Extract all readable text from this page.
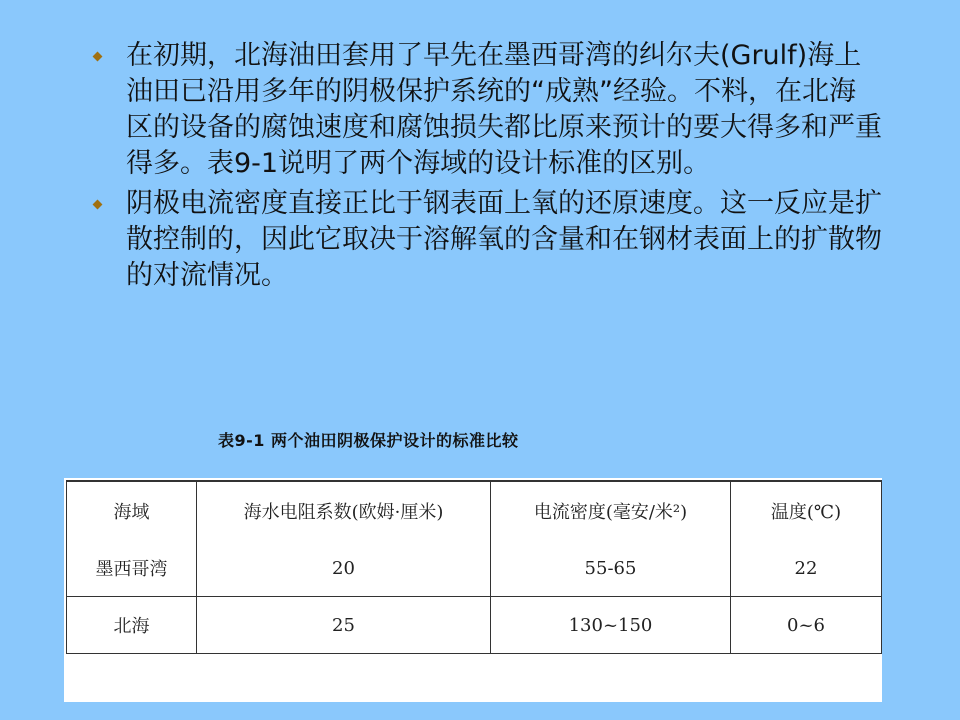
在初期，北海油田套用了早先在墨西哥湾的纠尔夫(Grulf)海上油田已沿用多年的阴极保护系统的“成熟”经验。不料，在北海区的设备的腐蚀速度和腐蚀损失都比原来预计的要大得多和严重得多。表9-1说明了两个海域的设计标准的区别。
阴极电流密度直接正比于钢表面上氧的还原速度。这一反应是扩散控制的，因此它取决于溶解氧的含量和在钢材表面上的扩散物的对流情况。
表9-1 两个油田阴极保护设计的标准比较
海域	海水电阻系数(欧姆·厘米)	电流密度(毫安/米²)	温度(℃)
墨西哥湾	20	55-65	22
北海	25	130~150	0~6
